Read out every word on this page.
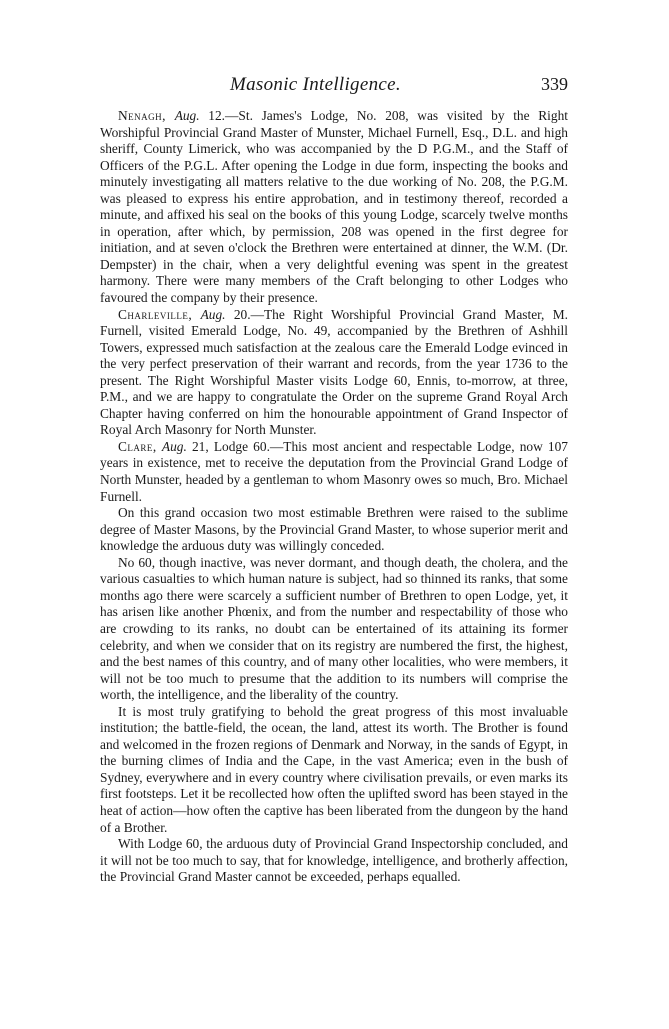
Masonic Intelligence.	339

Nenagh, Aug. 12.—St. James's Lodge, No. 208, was visited by the Right Worshipful Provincial Grand Master of Munster, Michael Furnell, Esq., D.L. and high sheriff, County Limerick, who was accompanied by the D P.G.M., and the Staff of Officers of the P.G.L. After opening the Lodge in due form, inspecting the books and minutely investigating all matters relative to the due working of No. 208, the P.G.M. was pleased to express his entire approbation, and in testimony thereof, recorded a minute, and affixed his seal on the books of this young Lodge, scarcely twelve months in operation, after which, by permission, 208 was opened in the first degree for initiation, and at seven o'clock the Brethren were entertained at dinner, the W.M. (Dr. Dempster) in the chair, when a very delightful evening was spent in the greatest harmony. There were many members of the Craft belonging to other Lodges who favoured the company by their presence.

Charleville, Aug. 20.—The Right Worshipful Provincial Grand Master, M. Furnell, visited Emerald Lodge, No. 49, accompanied by the Brethren of Ashhill Towers, expressed much satisfaction at the zealous care the Emerald Lodge evinced in the very perfect preservation of their warrant and records, from the year 1736 to the present. The Right Worshipful Master visits Lodge 60, Ennis, to-morrow, at three, P.M., and we are happy to congratulate the Order on the supreme Grand Royal Arch Chapter having conferred on him the honourable appointment of Grand Inspector of Royal Arch Masonry for North Munster.

Clare, Aug. 21, Lodge 60.—This most ancient and respectable Lodge, now 107 years in existence, met to receive the deputation from the Provincial Grand Lodge of North Munster, headed by a gentleman to whom Masonry owes so much, Bro. Michael Furnell.

On this grand occasion two most estimable Brethren were raised to the sublime degree of Master Masons, by the Provincial Grand Master, to whose superior merit and knowledge the arduous duty was willingly conceded.

No 60, though inactive, was never dormant, and though death, the cholera, and the various casualties to which human nature is subject, had so thinned its ranks, that some months ago there were scarcely a sufficient number of Brethren to open Lodge, yet, it has arisen like another Phœnix, and from the number and respectability of those who are crowding to its ranks, no doubt can be entertained of its attaining its former celebrity, and when we consider that on its registry are numbered the first, the highest, and the best names of this country, and of many other localities, who were members, it will not be too much to presume that the addition to its numbers will comprise the worth, the intelligence, and the liberality of the country.

It is most truly gratifying to behold the great progress of this most invaluable institution; the battle-field, the ocean, the land, attest its worth. The Brother is found and welcomed in the frozen regions of Denmark and Norway, in the sands of Egypt, in the burning climes of India and the Cape, in the vast America; even in the bush of Sydney, everywhere and in every country where civilisation prevails, or even marks its first footsteps. Let it be recollected how often the uplifted sword has been stayed in the heat of action—how often the captive has been liberated from the dungeon by the hand of a Brother.

With Lodge 60, the arduous duty of Provincial Grand Inspectorship concluded, and it will not be too much to say, that for knowledge, intelligence, and brotherly affection, the Provincial Grand Master cannot be exceeded, perhaps equalled.
